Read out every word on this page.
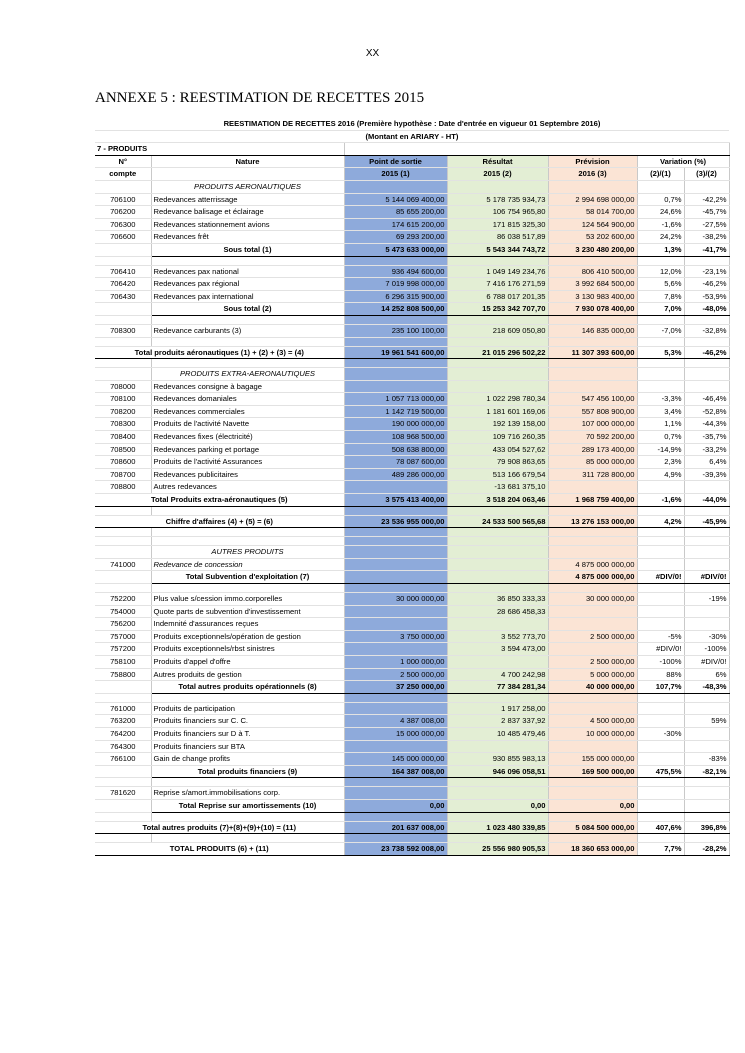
XX
ANNEXE 5 : REESTIMATION DE RECETTES 2015
REESTIMATION DE RECETTES 2016 (Première hypothèse : Date d'entrée en vigueur 01 Septembre 2016)						
(Montant en ARIARY - HT)						
7 - PRODUITS						
N°	Nature	Point de sortie	Résultat	Prévision	Variation (%)	
compte		2015 (1)	2015 (2)	2016 (3)	(2)/(1)	(3)/(2)
	PRODUITS AERONAUTIQUES					
706100	Redevances atterrissage	5 144 069 400,00	5 178 735 934,73	2 994 698 000,00	0,7%	-42,2%
706200	Redevance balisage et éclairage	85 655 200,00	106 754 965,80	58 014 700,00	24,6%	-45,7%
706300	Redevances stationnement avions	174 615 200,00	171 815 325,30	124 564 900,00	-1,6%	-27,5%
706600	Redevances frêt	69 293 200,00	86 038 517,89	53 202 600,00	24,2%	-38,2%
	Sous total (1)	5 473 633 000,00	5 543 344 743,72	3 230 480 200,00	1,3%	-41,7%

706410	Redevances pax national	936 494 600,00	1 049 149 234,76	806 410 500,00	12,0%	-23,1%
706420	Redevances pax régional	7 019 998 000,00	7 416 176 271,59	3 992 684 500,00	5,6%	-46,2%
706430	Redevances pax international	6 296 315 900,00	6 788 017 201,35	3 130 983 400,00	7,8%	-53,9%
	Sous total (2)	14 252 808 500,00	15 253 342 707,70	7 930 078 400,00	7,0%	-48,0%

708300	Redevance carburants (3)	235 100 100,00	218 609 050,80	146 835 000,00	-7,0%	-32,8%

Total produits aéronautiques (1) + (2) + (3) = (4)		19 961 541 600,00	21 015 296 502,22	11 307 393 600,00	5,3%	-46,2%

	PRODUITS EXTRA-AERONAUTIQUES					
708000	Redevances consigne à bagage					
708100	Redevances domaniales	1 057 713 000,00	1 022 298 780,34	547 456 100,00	-3,3%	-46,4%
708200	Redevances commerciales	1 142 719 500,00	1 181 601 169,06	557 808 900,00	3,4%	-52,8%
708300	Produits de l'activité Navette	190 000 000,00	192 139 158,00	107 000 000,00	1,1%	-44,3%
708400	Redevances fixes (électricité)	108 968 500,00	109 716 260,35	70 592 200,00	0,7%	-35,7%
708500	Redevances parking et portage	508 638 800,00	433 054 527,62	289 173 400,00	-14,9%	-33,2%
708600	Produits de l'activité Assurances	78 087 600,00	79 908 863,65	85 000 000,00	2,3%	6,4%
708700	Redevances publicitaires	489 286 000,00	513 166 679,54	311 728 800,00	4,9%	-39,3%
708800	Autres redevances		-13 681 375,10			
Total Produits extra-aéronautiques (5)		3 575 413 400,00	3 518 204 063,46	1 968 759 400,00	-1,6%	-44,0%

Chiffre d'affaires (4) + (5) = (6)		23 536 955 000,00	24 533 500 565,68	13 276 153 000,00	4,2%	-45,9%

	AUTRES PRODUITS					
741000	Redevance de concession			4 875 000 000,00		
	Total Subvention d'exploitation (7)			4 875 000 000,00	#DIV/0!	#DIV/0!

752200	Plus value s/cession immo.corporelles	30 000 000,00	36 850 333,33	30 000 000,00		-19%
754000	Quote parts de subvention d'investissement		28 686 458,33			
756200	Indemnité d'assurances reçues					
757000	Produits exceptionnels/opération de gestion	3 750 000,00	3 552 773,70	2 500 000,00	-5%	-30%
757200	Produits exceptionnels/rbst sinistres		3 594 473,00		#DIV/0!	-100%
758100	Produits d'appel d'offre	1 000 000,00		2 500 000,00	-100%	#DIV/0!
758800	Autres produits de gestion	2 500 000,00	4 700 242,98	5 000 000,00	88%	6%
	Total autres produits opérationnels (8)	37 250 000,00	77 384 281,34	40 000 000,00	107,7%	-48,3%

761000	Produits de participation		1 917 258,00			
763200	Produits financiers sur C. C.	4 387 008,00	2 837 337,92	4 500 000,00		59%
764200	Produits financiers sur D à T.	15 000 000,00	10 485 479,46	10 000 000,00	-30%	
764300	Produits financiers sur BTA					
766100	Gain de change profits	145 000 000,00	930 855 983,13	155 000 000,00		-83%
	Total produits financiers (9)	164 387 008,00	946 096 058,51	169 500 000,00	475,5%	-82,1%

781620	Reprise s/amort.immobilisations corp.					
	Total Reprise sur amortissements (10)	0,00	0,00	0,00		

Total autres produits (7)+(8)+(9)+(10) = (11)		201 637 008,00	1 023 480 339,85	5 084 500 000,00	407,6%	396,8%

TOTAL PRODUITS (6) + (11)		23 738 592 008,00	25 556 980 905,53	18 360 653 000,00	7,7%	-28,2%
